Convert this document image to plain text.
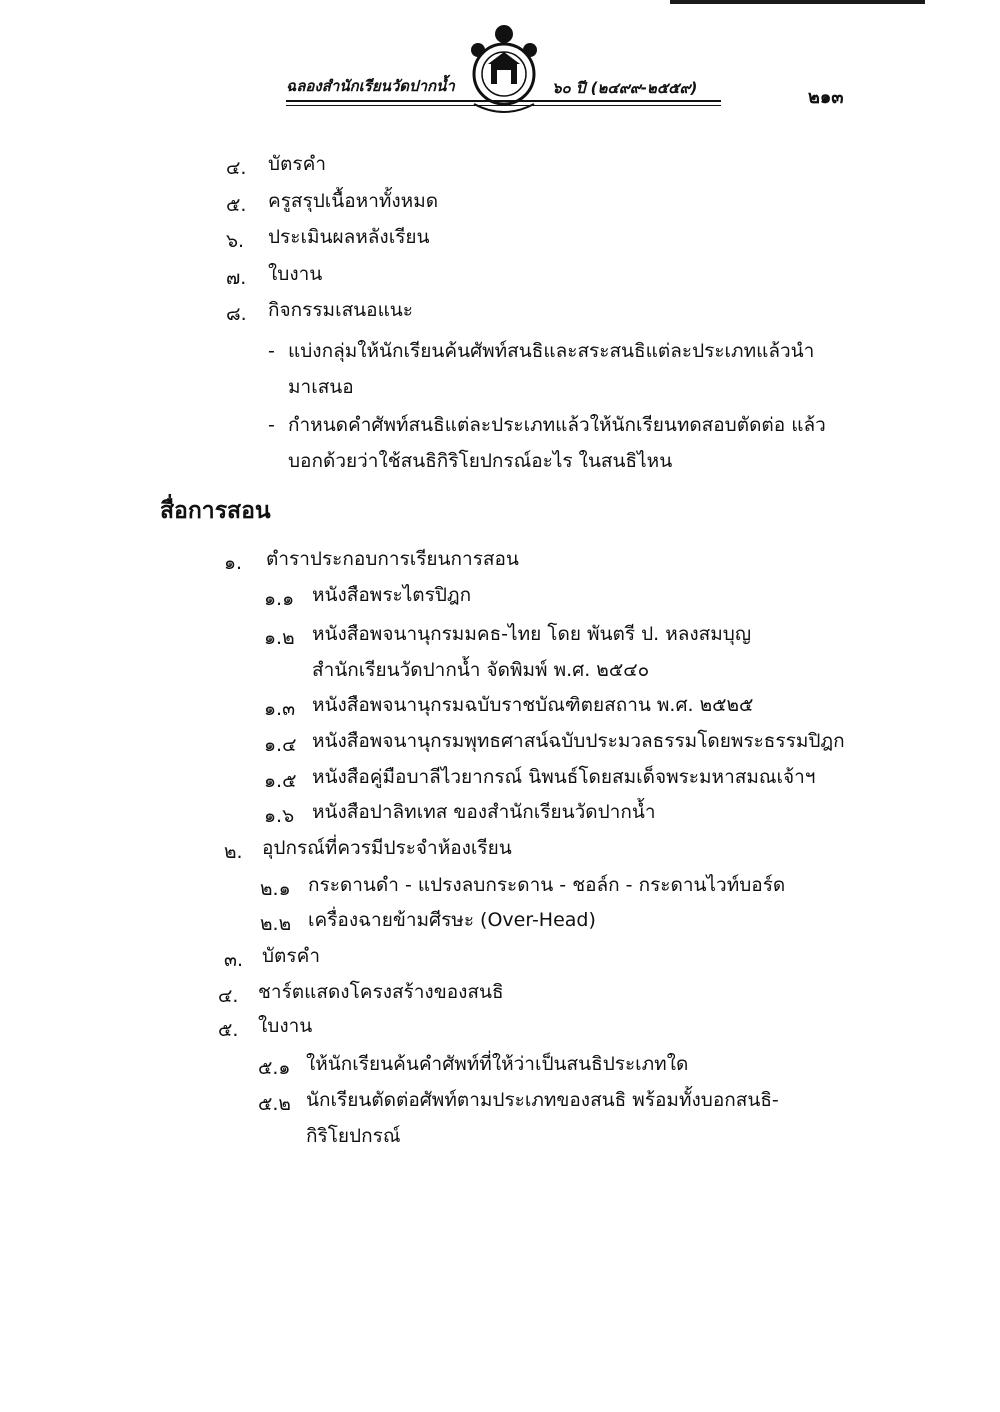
ฉลองสำนักเรียนวัดปากน้ำ	๖๐ ปี (๒๔๙๙-๒๕๕๙)	๒๑๓
๔. บัตรคำ
๕. ครูสรุปเนื้อหาทั้งหมด
๖. ประเมินผลหลังเรียน
๗. ใบงาน
๘. กิจกรรมเสนอแนะ
- แบ่งกลุ่มให้นักเรียนค้นศัพท์สนธิและสระสนธิแต่ละประเภทแล้วนำ
มาเสนอ
- กำหนดคำศัพท์สนธิแต่ละประเภทแล้วให้นักเรียนทดสอบตัดต่อ แล้ว
บอกด้วยว่าใช้สนธิกิริโยปกรณ์อะไร ในสนธิไหน
สื่อการสอน
๑. ตำราประกอบการเรียนการสอน
๑.๑ หนังสือพระไตรปิฎก
๑.๒ หนังสือพจนานุกรมมคธ-ไทย โดย พันตรี ป. หลงสมบุญ
สำนักเรียนวัดปากน้ำ จัดพิมพ์ พ.ศ. ๒๕๔๐
๑.๓ หนังสือพจนานุกรมฉบับราชบัณฑิตยสถาน พ.ศ. ๒๕๒๕
๑.๔ หนังสือพจนานุกรมพุทธศาสน์ฉบับประมวลธรรมโดยพระธรรมปิฎก
๑.๕ หนังสือคู่มือบาลีไวยากรณ์ นิพนธ์โดยสมเด็จพระมหาสมณเจ้าฯ
๑.๖ หนังสือปาลิทเทส ของสำนักเรียนวัดปากน้ำ
๒. อุปกรณ์ที่ควรมีประจำห้องเรียน
๒.๑ กระดานดำ - แปรงลบกระดาน - ชอล์ก - กระดานไวท์บอร์ด
๒.๒ เครื่องฉายข้ามศีรษะ (Over-Head)
๓. บัตรคำ
๔. ชาร์ตแสดงโครงสร้างของสนธิ
๕. ใบงาน
๕.๑ ให้นักเรียนค้นคำศัพท์ที่ให้ว่าเป็นสนธิประเภทใด
๕.๒ นักเรียนตัดต่อศัพท์ตามประเภทของสนธิ พร้อมทั้งบอกสนธิ-
กิริโยปกรณ์
